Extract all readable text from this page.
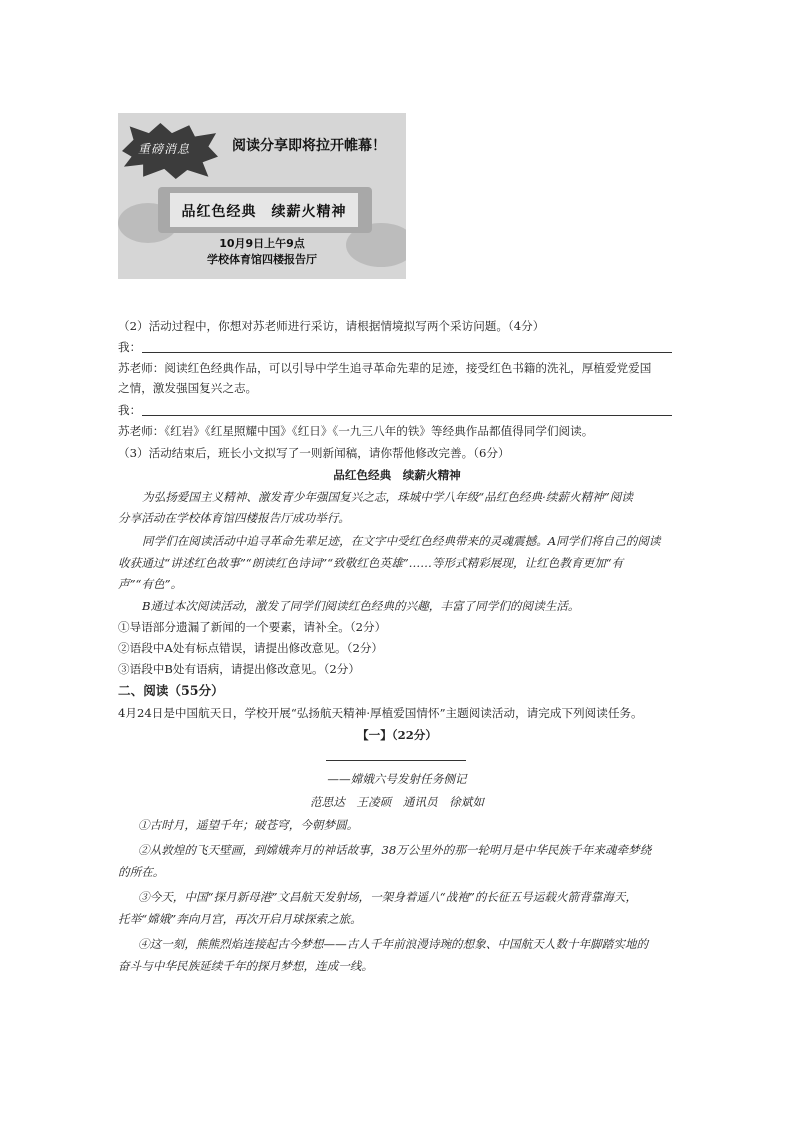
重磅消息	阅读分享即将拉开帷幕！
品红色经典　续薪火精神
10月9日上午9点
学校体育馆四楼报告厅
（2）活动过程中，你想对苏老师进行采访，请根据情境拟写两个采访问题。（4分）
我：
苏老师：阅读红色经典作品，可以引导中学生追寻革命先辈的足迹，接受红色书籍的洗礼，厚植爱党爱国
之情，激发强国复兴之志。
我：
苏老师：《红岩》《红星照耀中国》《红日》《一九三八年的铁》等经典作品都值得同学们阅读。
（3）活动结束后，班长小文拟写了一则新闻稿，请你帮他修改完善。（6分）
品红色经典　续薪火精神
为弘扬爱国主义精神、激发青少年强国复兴之志，珠城中学八年级“品红色经典·续薪火精神”阅读
分享活动在学校体育馆四楼报告厅成功举行。
同学们在阅读活动中追寻革命先辈足迹，在文字中受红色经典带来的灵魂震撼。A同学们将自己的阅读
收获通过“讲述红色故事”“朗读红色诗词”“致敬红色英雄”……等形式精彩展现，让红色教育更加“有
声”“有色”。
B通过本次阅读活动，激发了同学们阅读红色经典的兴趣，丰富了同学们的阅读生活。
①导语部分遗漏了新闻的一个要素，请补全。（2分）
②语段中A处有标点错误，请提出修改意见。（2分）
③语段中B处有语病，请提出修改意见。（2分）
二、阅读（55分）
4月24日是中国航天日，学校开展“弘扬航天精神·厚植爱国情怀”主题阅读活动，请完成下列阅读任务。
【一】（22分）
——嫦娥六号发射任务侧记
范思达　王凌硕　通讯员　徐斌如
①古时月，遥望千年；破苍穹，今朝梦圆。
②从敦煌的飞天壁画，到嫦娥奔月的神话故事，38万公里外的那一轮明月是中华民族千年来魂牵梦绕
的所在。
③今天，中国“探月新母港”文昌航天发射场，一架身着遥八“战袍”的长征五号运载火箭背靠海天，
托举“嫦娥”奔向月宫，再次开启月球探索之旅。
④这一刻，熊熊烈焰连接起古今梦想——古人千年前浪漫诗琬的想象、中国航天人数十年脚踏实地的
奋斗与中华民族延续千年的探月梦想，连成一线。
